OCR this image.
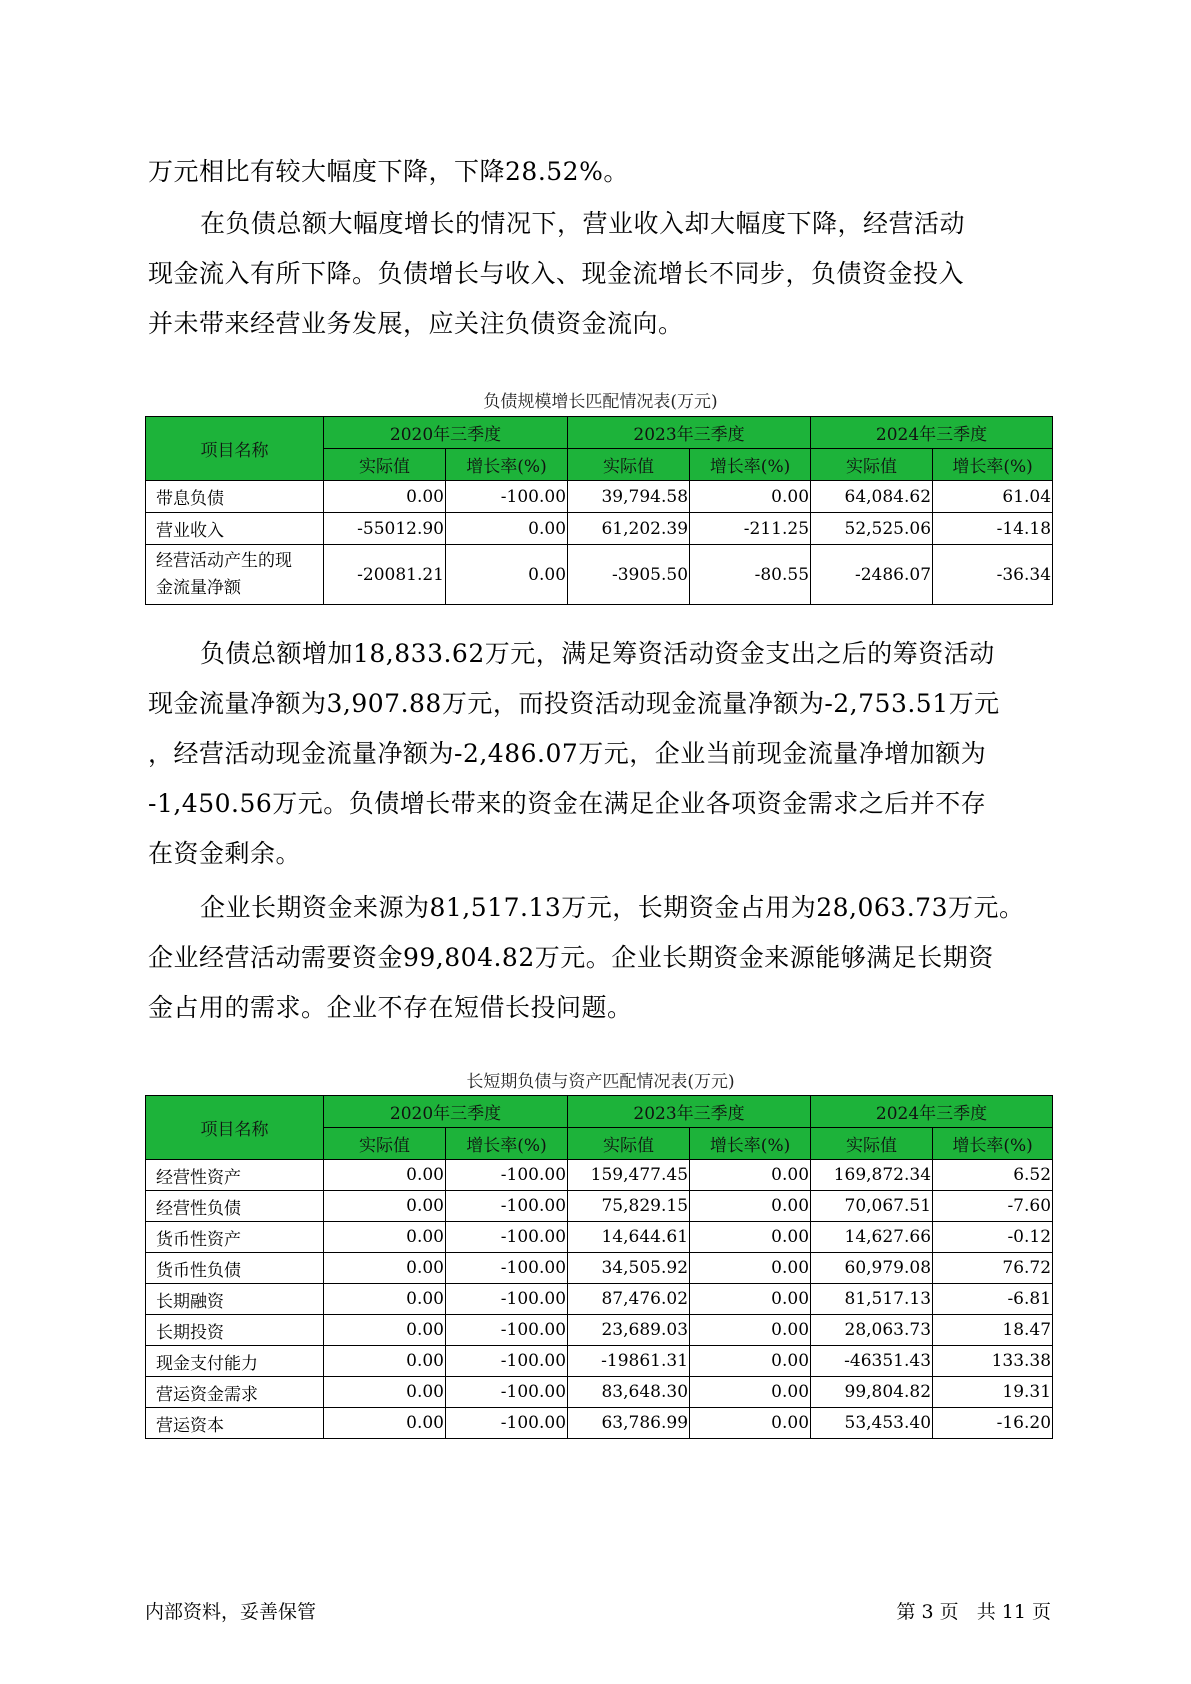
万元相比有较大幅度下降，下降28.52%。
在负债总额大幅度增长的情况下，营业收入却大幅度下降，经营活动
现金流入有所下降。负债增长与收入、现金流增长不同步，负债资金投入
并未带来经营业务发展，应关注负债资金流向。
负债规模增长匹配情况表(万元)
项目名称	2020年三季度		2023年三季度		2024年三季度	
	实际值	增长率(%)	实际值	增长率(%)	实际值	增长率(%)
带息负债	0.00	-100.00	39,794.58	0.00	64,084.62	61.04
营业收入	-55012.90	0.00	61,202.39	-211.25	52,525.06	-14.18

经营活动产生的现
金流量净额	-20081.21	0.00	-3905.50	-80.55	-2486.07	-36.34
负债总额增加18,833.62万元，满足筹资活动资金支出之后的筹资活动
现金流量净额为3,907.88万元，而投资活动现金流量净额为-2,753.51万元
，经营活动现金流量净额为-2,486.07万元，企业当前现金流量净增加额为
-1,450.56万元。负债增长带来的资金在满足企业各项资金需求之后并不存
在资金剩余。
企业长期资金来源为81,517.13万元，长期资金占用为28,063.73万元。
企业经营活动需要资金99,804.82万元。企业长期资金来源能够满足长期资
金占用的需求。企业不存在短借长投问题。
长短期负债与资产匹配情况表(万元)
项目名称	2020年三季度		2023年三季度		2024年三季度	
	实际值	增长率(%)	实际值	增长率(%)	实际值	增长率(%)
经营性资产	0.00	-100.00	159,477.45	0.00	169,872.34	6.52
经营性负债	0.00	-100.00	75,829.15	0.00	70,067.51	-7.60
货币性资产	0.00	-100.00	14,644.61	0.00	14,627.66	-0.12
货币性负债	0.00	-100.00	34,505.92	0.00	60,979.08	76.72
长期融资	0.00	-100.00	87,476.02	0.00	81,517.13	-6.81
长期投资	0.00	-100.00	23,689.03	0.00	28,063.73	18.47
现金支付能力	0.00	-100.00	-19861.31	0.00	-46351.43	133.38
营运资金需求	0.00	-100.00	83,648.30	0.00	99,804.82	19.31
营运资本	0.00	-100.00	63,786.99	0.00	53,453.40	-16.20
内部资料，妥善保管	第 3 页   共 11 页
